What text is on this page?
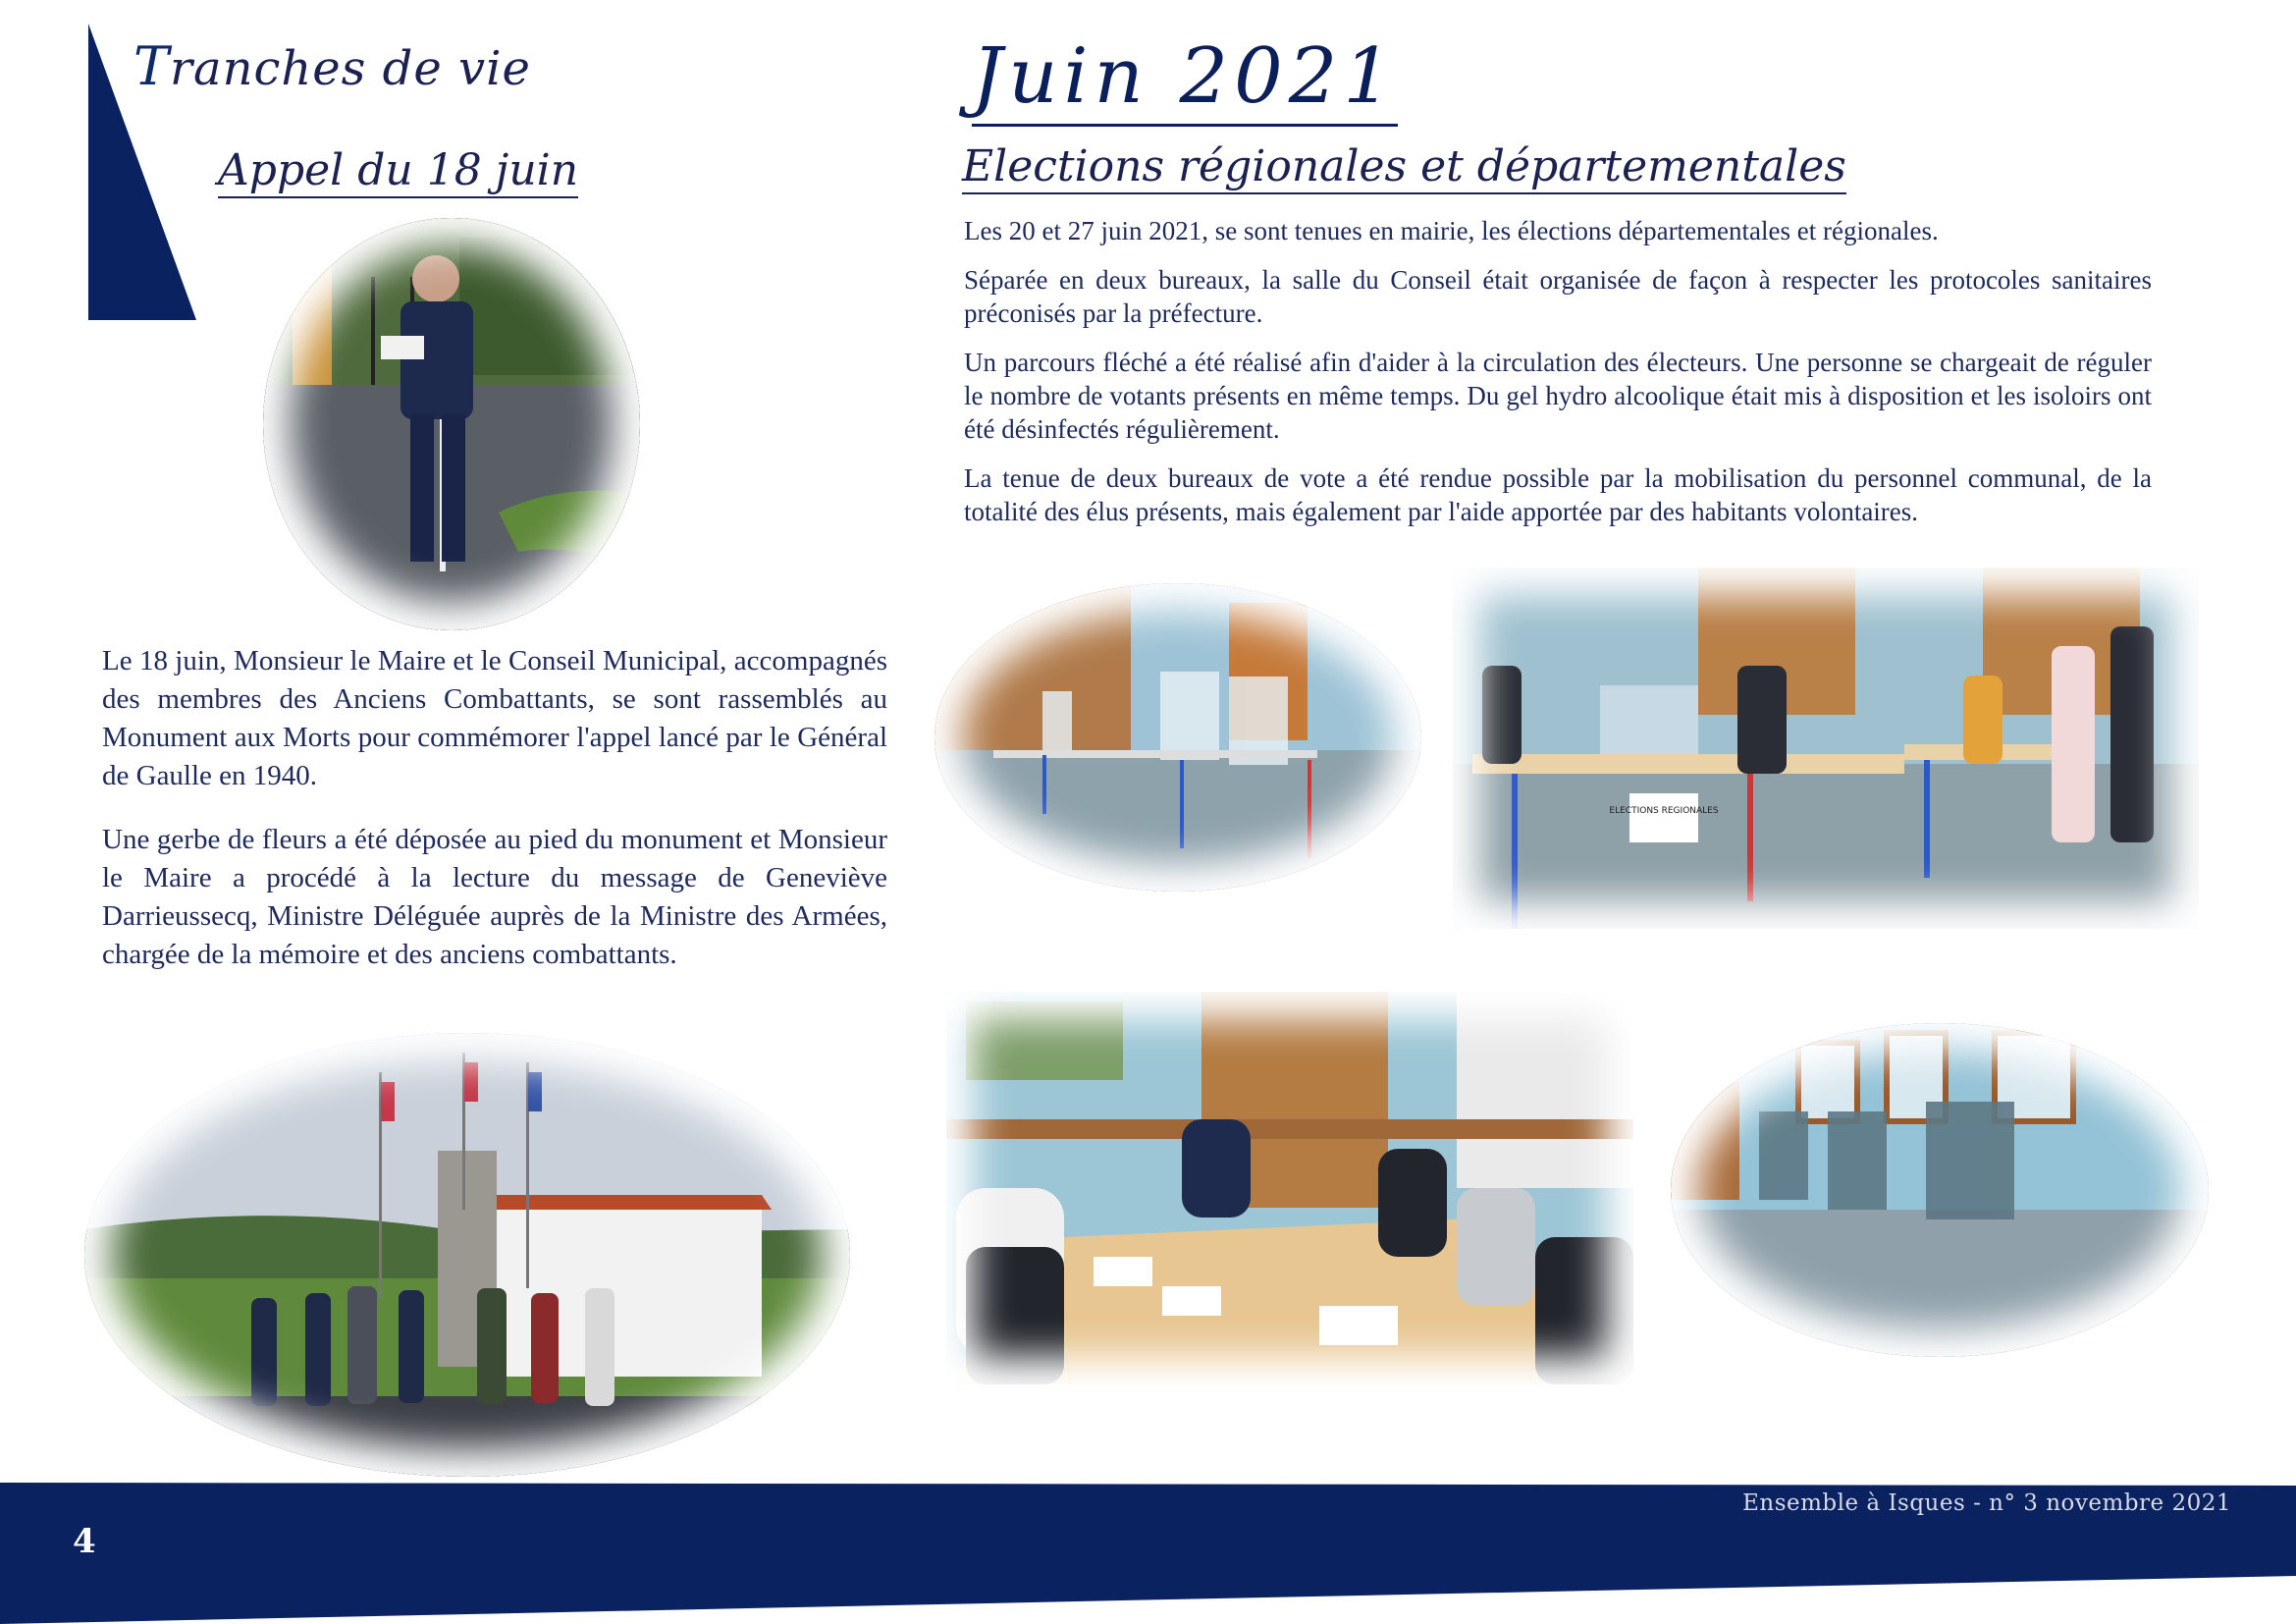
Tranches de vie
Appel du 18 juin

Le 18 juin, Monsieur le Maire et le Conseil Municipal, accompagnés des membres des Anciens Combattants, se sont rassemblés au Monument aux Morts pour commémorer l'appel lancé par le Général de Gaulle en 1940.

Une gerbe de fleurs a été déposée au pied du monument et Monsieur le Maire a procédé à la lecture du message de Geneviève Darrieussecq, Ministre Déléguée auprès de la Ministre des Armées, chargée de la mémoire et des anciens combattants.

Juin 2021
Elections régionales et départementales

Les 20 et 27 juin 2021, se sont tenues en mairie, les élections départementales et régionales.

Séparée en deux bureaux, la salle du Conseil était organisée de façon à respecter les protocoles sanitaires préconisés par la préfecture.

Un parcours fléché a été réalisé afin d'aider à la circulation des électeurs. Une personne se chargeait de réguler le nombre de votants présents en même temps. Du gel hydro alcoolique était mis à disposition et les isoloirs ont été désinfectés régulièrement.

La tenue de deux bureaux de vote a été rendue possible par la mobilisation du personnel communal, de la totalité des élus présents, mais également par l'aide apportée par des habitants volontaires.

ELECTIONS REGIONALES
Ensemble à Isques - n° 3 novembre 2021
4
